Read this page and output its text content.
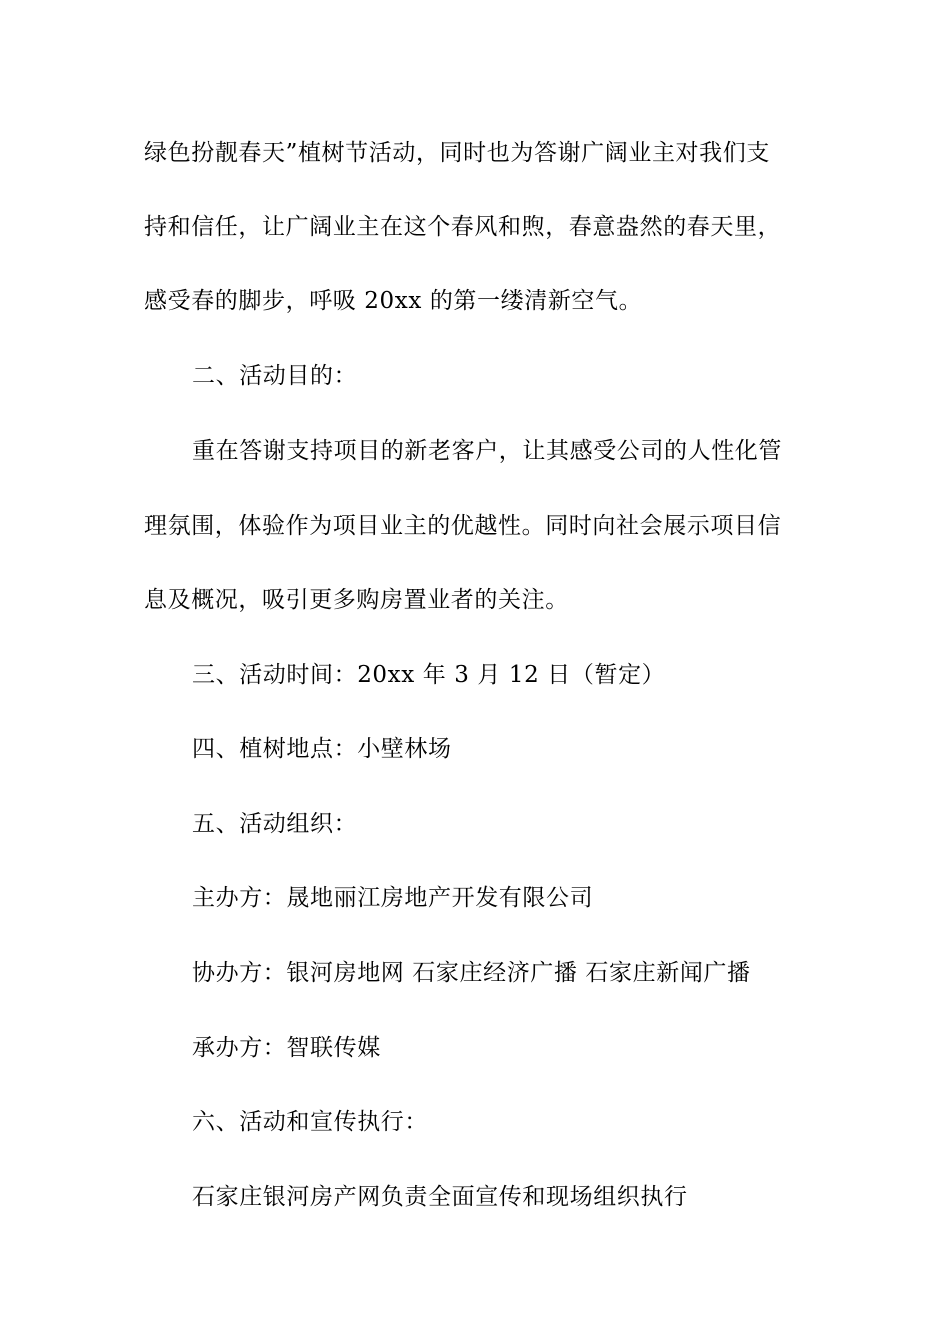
绿色扮靓春天”植树节活动，同时也为答谢广阔业主对我们支
持和信任，让广阔业主在这个春风和煦，春意盎然的春天里，
感受春的脚步，呼吸 20xx 的第一缕清新空气。
二、活动目的：
重在答谢支持项目的新老客户，让其感受公司的人性化管
理氛围，体验作为项目业主的优越性。同时向社会展示项目信
息及概况，吸引更多购房置业者的关注。
三、活动时间：20xx 年 3 月 12 日（暂定）
四、植树地点：小壁林场
五、活动组织：
主办方：晟地丽江房地产开发有限公司
协办方：银河房地网 石家庄经济广播 石家庄新闻广播
承办方：智联传媒
六、活动和宣传执行：
石家庄银河房产网负责全面宣传和现场组织执行
